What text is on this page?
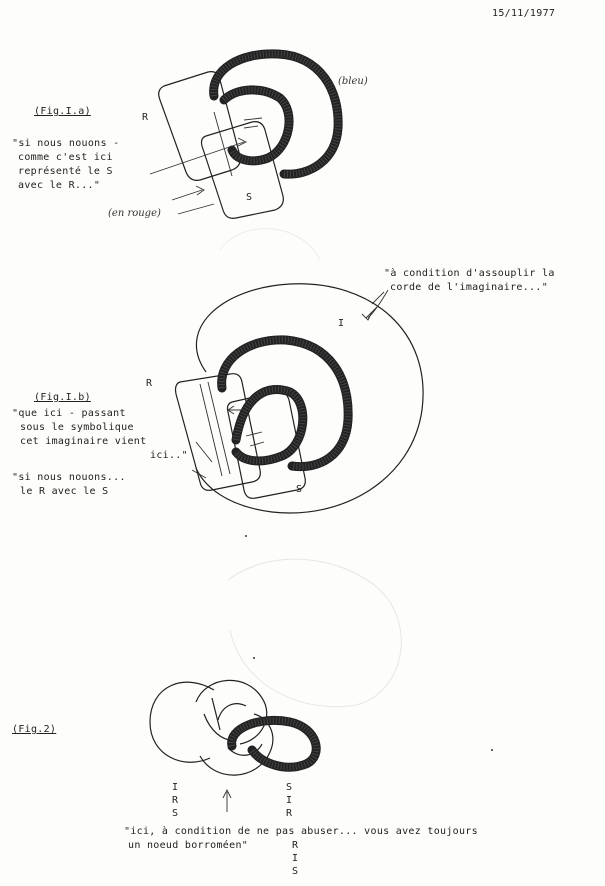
15/11/1977
(Fig.I.a)
R
S
"si nous nouons -
comme c'est ici
représenté le S
avec le R..."
(bleu)
(en rouge)
"à condition d'assouplir la
corde de l'imaginaire..."
I
R
S
(Fig.I.b)
"que ici - passant
sous le symbolique
cet imaginaire vient
ici.."
"si nous nouons...
le R avec le S
(Fig.2)
I
R
S
S
I
R
"ici, à condition de ne pas abuser... vous avez toujours
un noeud borroméen"	R
I
S
